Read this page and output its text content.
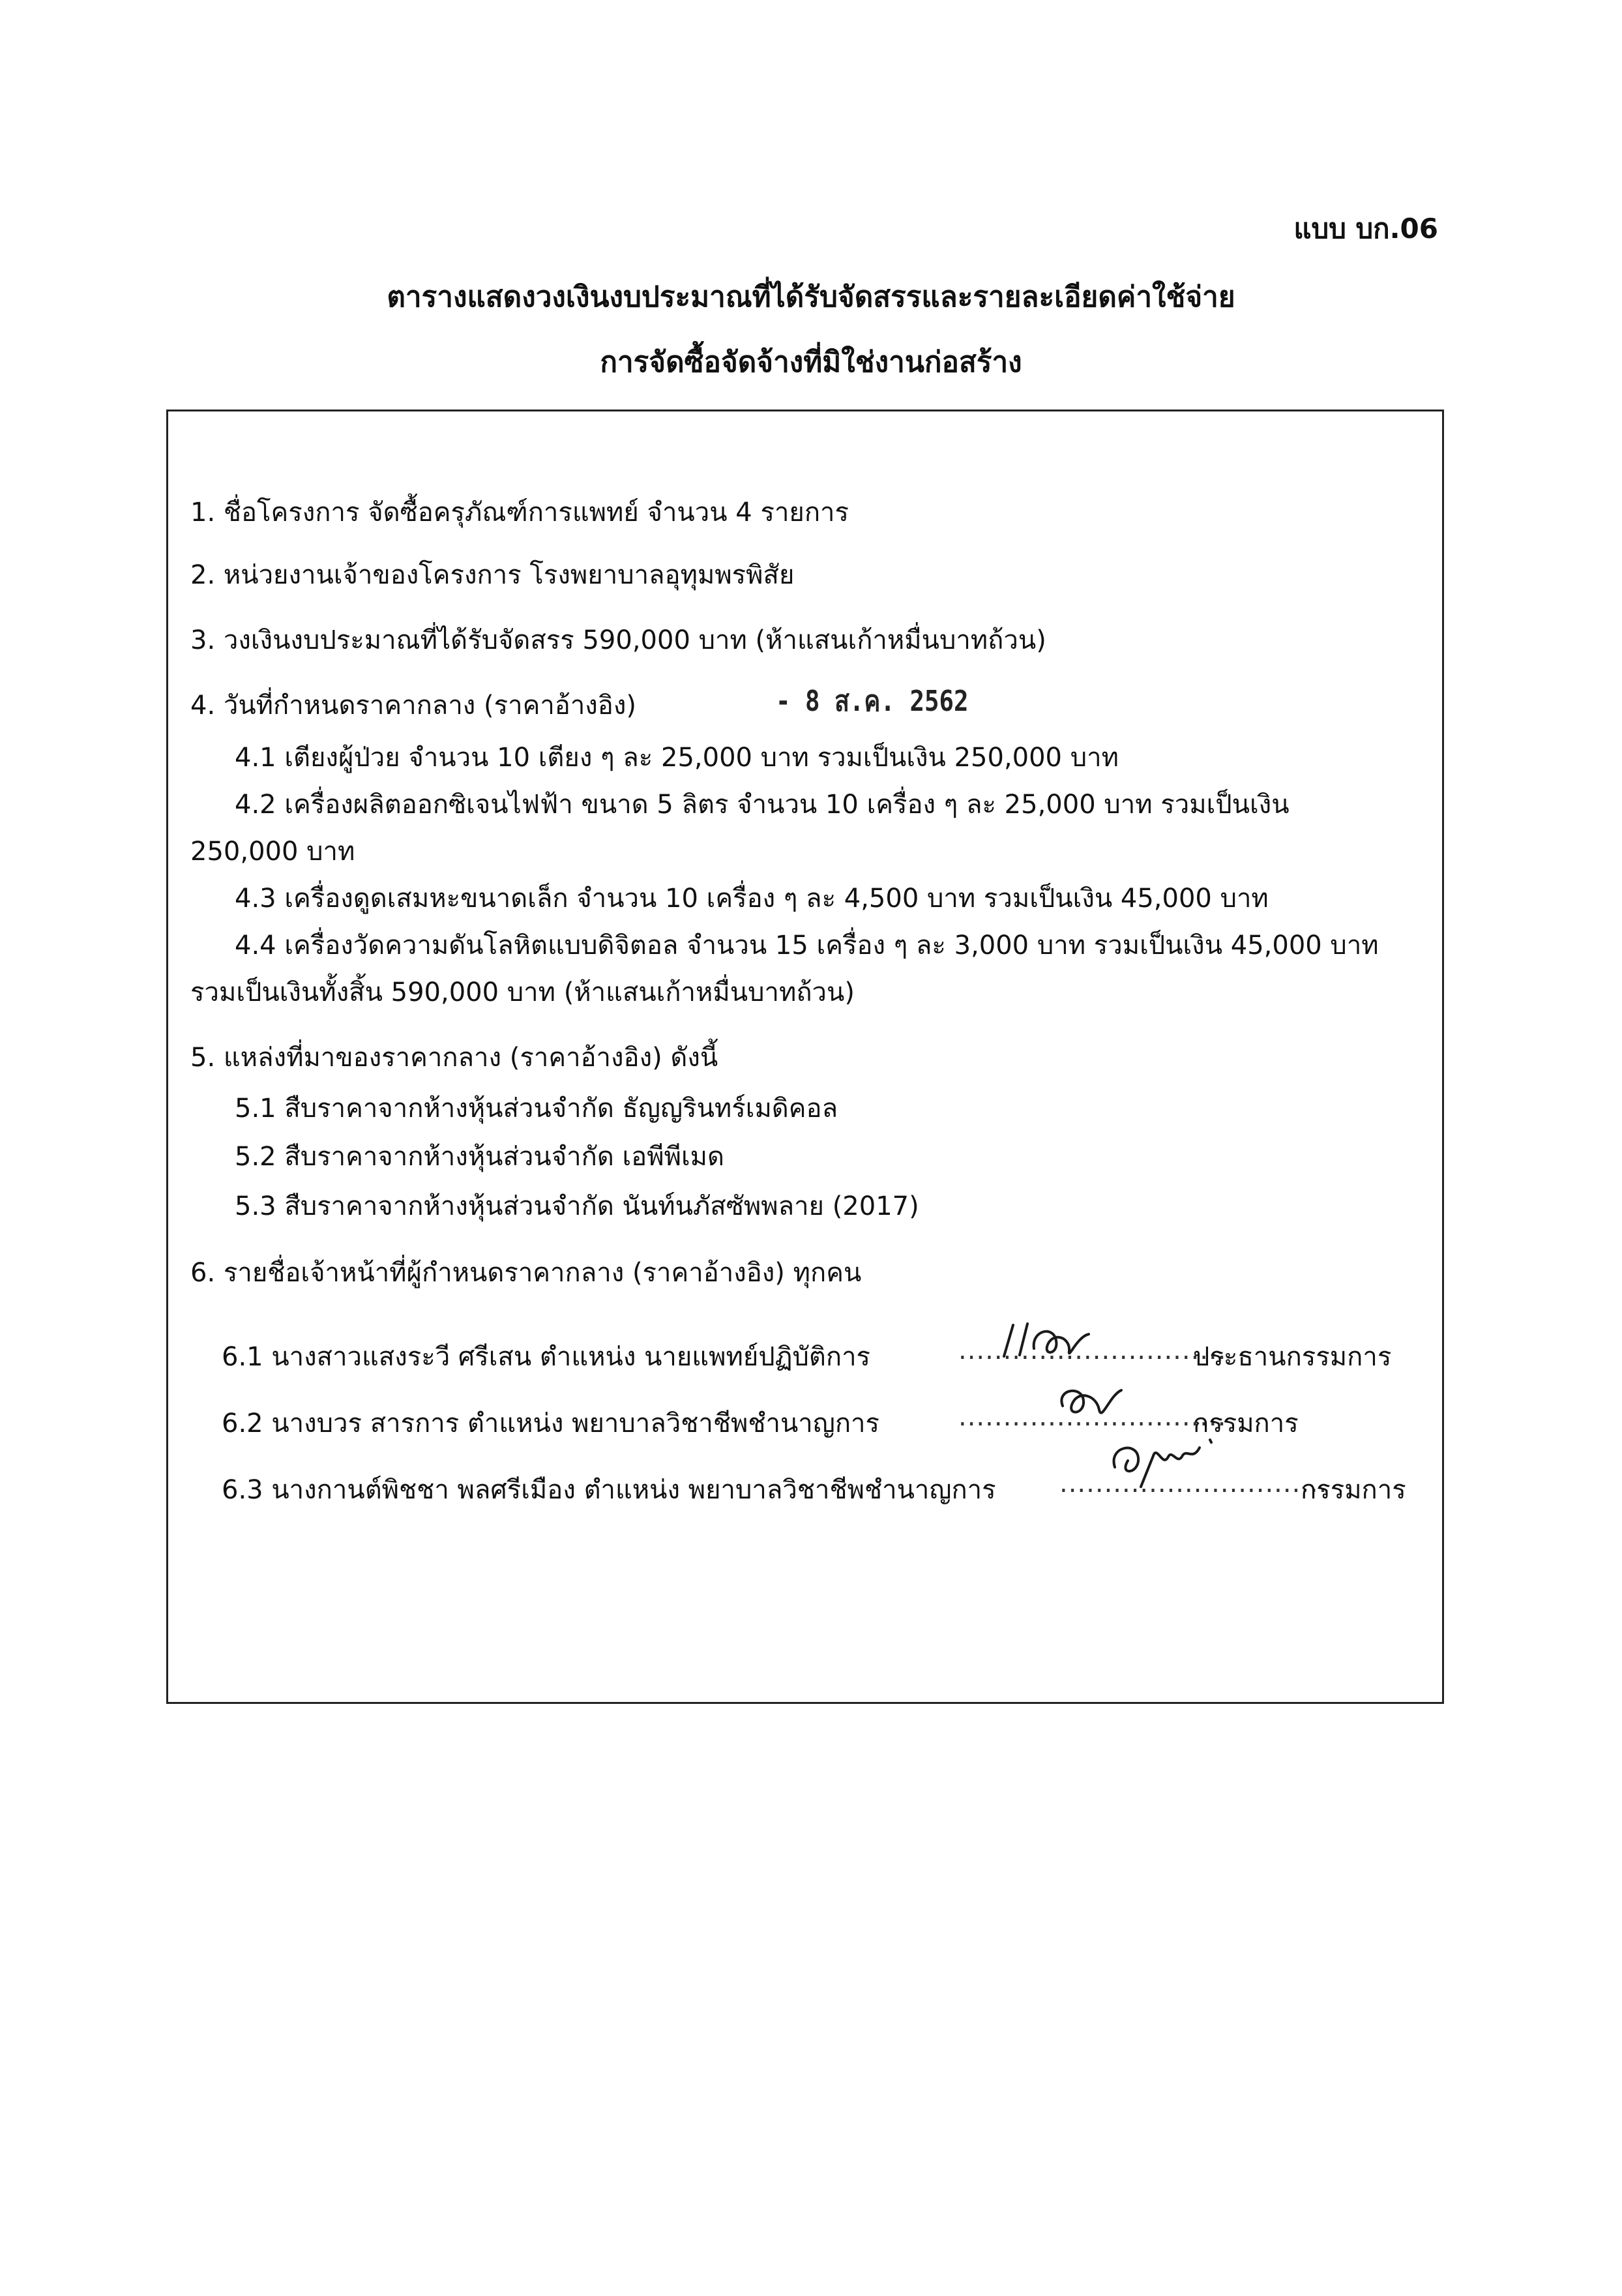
แบบ บก.06
ตารางแสดงวงเงินงบประมาณที่ได้รับจัดสรรและรายละเอียดค่าใช้จ่าย
การจัดซื้อจัดจ้างที่มิใช่งานก่อสร้าง
1. ชื่อโครงการ จัดซื้อครุภัณฑ์การแพทย์ จำนวน 4 รายการ
2. หน่วยงานเจ้าของโครงการ โรงพยาบาลอุทุมพรพิสัย
3. วงเงินงบประมาณที่ได้รับจัดสรร 590,000 บาท (ห้าแสนเก้าหมื่นบาทถ้วน)
4. วันที่กำหนดราคากลาง (ราคาอ้างอิง)	- 8 ส.ค. 2562
4.1 เตียงผู้ป่วย จำนวน 10 เตียง ๆ ละ 25,000 บาท รวมเป็นเงิน 250,000 บาท
4.2 เครื่องผลิตออกซิเจนไฟฟ้า ขนาด 5 ลิตร จำนวน 10 เครื่อง ๆ ละ 25,000 บาท รวมเป็นเงิน
250,000 บาท
4.3 เครื่องดูดเสมหะขนาดเล็ก จำนวน 10 เครื่อง ๆ ละ 4,500 บาท รวมเป็นเงิน 45,000 บาท
4.4 เครื่องวัดความดันโลหิตแบบดิจิตอล จำนวน 15 เครื่อง ๆ ละ 3,000 บาท รวมเป็นเงิน 45,000 บาท
รวมเป็นเงินทั้งสิ้น 590,000 บาท (ห้าแสนเก้าหมื่นบาทถ้วน)
5. แหล่งที่มาของราคากลาง (ราคาอ้างอิง) ดังนี้
5.1 สืบราคาจากห้างหุ้นส่วนจำกัด ธัญญรินทร์เมดิคอล
5.2 สืบราคาจากห้างหุ้นส่วนจำกัด เอพีพีเมด
5.3 สืบราคาจากห้างหุ้นส่วนจำกัด นันท์นภัสซัพพลาย (2017)
6. รายชื่อเจ้าหน้าที่ผู้กำหนดราคากลาง (ราคาอ้างอิง) ทุกคน
6.1 นางสาวแสงระวี ศรีเสน ตำแหน่ง นายแพทย์ปฏิบัติการ	..............................
ประธานกรรมการ
6.2 นางบวร สารการ ตำแหน่ง พยาบาลวิชาชีพชำนาญการ	..............................
กรรมการ
6.3 นางกานต์พิชชา พลศรีเมือง ตำแหน่ง พยาบาลวิชาชีพชำนาญการ ..............................
กรรมการ
